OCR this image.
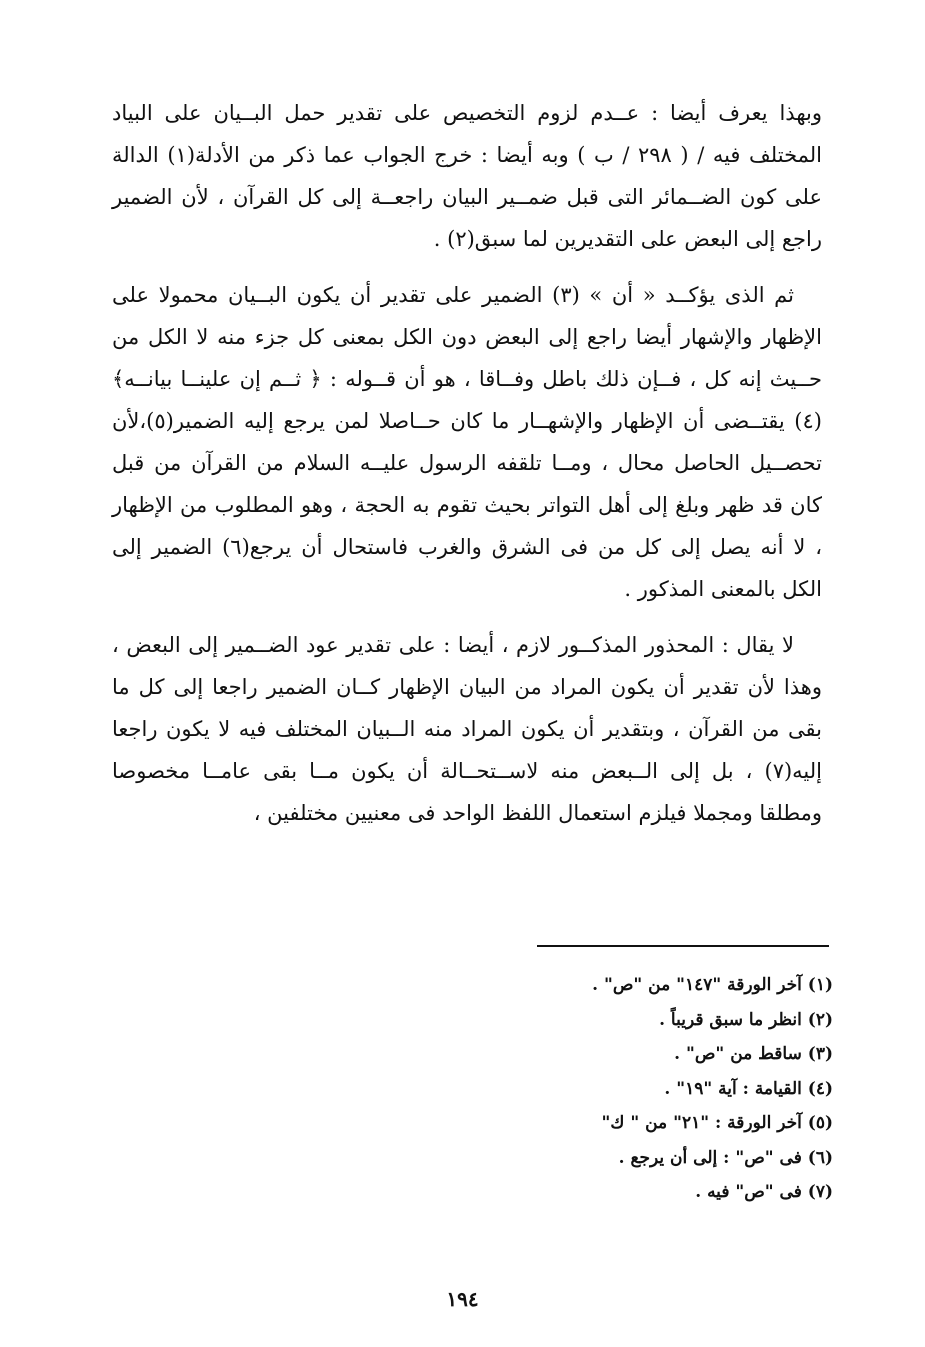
وبهذا يعرف أيضا : عــدم لزوم التخصيص على تقدير حمل البــيان على البياد المختلف فيه / ( ٢٩٨ / ب ) وبه أيضا : خرج الجواب عما ذكر من الأدلة(١) الدالة على كون الضــمائر التى قبل ضمــير البيان راجعــة إلى كل القرآن ، لأن الضمير راجع إلى البعض على التقديرين لما سبق(٢) .

ثم الذى يؤكــد « أن » (٣) الضمير على تقدير أن يكون البــيان محمولا على الإظهار والإشهار أيضا راجع إلى البعض دون الكل بمعنى كل جزء منه لا الكل من حــيث إنه كل ، فــإن ذلك باطل وفــاقا ، هو أن قــوله : ﴿ ثــم إن علينــا بيانــه﴾(٤) يقتــضى أن الإظهار والإشهــار ما كان حــاصلا لمن يرجع إليه الضمير(٥)،لأن تحصــيل الحاصل محال ، ومــا تلقفه الرسول عليــه السلام من القرآن من قبل كان قد ظهر وبلغ إلى أهل التواتر بحيث تقوم به الحجة ، وهو المطلوب من الإظهار ، لا أنه يصل إلى كل من فى الشرق والغرب فاستحال أن يرجع(٦) الضمير إلى الكل بالمعنى المذكور .

لا يقال : المحذور المذكــور لازم ، أيضا : على تقدير عود الضــمير إلى البعض ، وهذا لأن تقدير أن يكون المراد من البيان الإظهار كــان الضمير راجعا إلى كل ما بقى من القرآن ، وبتقدير أن يكون المراد منه الــبيان المختلف فيه لا يكون راجعا إليه(٧) ، بل إلى الــبعض منه لاســتحــالة أن يكون مــا بقى عامــا مخصوصا ومطلقا ومجملا فيلزم استعمال اللفظ الواحد فى معنيين مختلفين ،

(١) آخر الورقة "١٤٧" من "ص" .
(٢) انظر ما سبق قريباً .
(٣) ساقط من "ص" .
(٤) القيامة : آية "١٩" .
(٥) آخر الورقة : "٢١" من " ك"
(٦) فى "ص" : إلى أن يرجع .
(٧) فى "ص" فيه .
١٩٤
